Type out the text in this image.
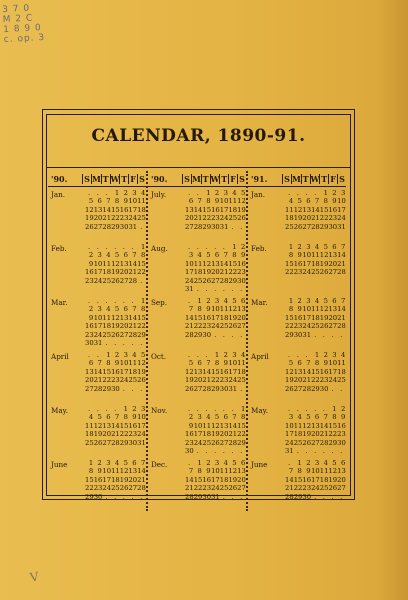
3 7 0
M 2 C
1 8 9 0
c. op. 3
V
CALENDAR, 1890-91.
'90.	S M T W T F S
Jan.	. . .	1 2 3 4
5 6 7 8 9 10 11
12 13 14 15 16 17 18
19 20 21 22 23 24 25
26 27 28 29 30 31 .
Feb.	. . . . . .	1
2 3 4 5 6 7 8
9 10 11 12 13 14 15
16 17 18 19 20 21 22
23 24 25 26 27 28 .
Mar.	. . . . . .	1
2 3 4 5 6 7 8
9 10 11 12 13 14 15
16 17 18 19 20 21 22
23 24 25 26 27 28 29
30 31 . . . . .
April	. .	1 2 3 4 5
6 7 8 9 10 11 12
13 14 15 16 17 18 19
20 21 22 23 24 25 26
27 28 29 30 . . .
May.	. . . .	1 2 3
4 5 6 7 8 9 10
11 12 13 14 15 16 17
18 19 20 21 22 23 24
25 26 27 28 29 30 31
June	1 2 3 4 5 6 7
8 9 10 11 12 13 14
15 16 17 18 19 20 21
22 23 24 25 26 27 28
29 30 . . . . .
'90.	S M T W T F S
July.	. .	1 2 3 4 5
6 7 8 9 10 11 12
13 14 15 16 17 18 19
20 21 22 23 24 25 26
27 28 29 30 31 . .
Aug.	. . . . .	1 2
3 4 5 6 7 8 9
10 11 12 13 14 15 16
17 18 19 20 21 22 23
24 25 26 27 28 29 30
31 . . . . . .
Sep.	.	1 2 3 4 5 6
7 8 9 10 11 12 13
14 15 16 17 18 19 20
21 22 23 24 25 26 27
28 29 30 . . . .
Oct.	. . .	1 2 3 4
5 6 7 8 9 10 11
12 13 14 15 16 17 18
19 20 21 22 23 24 25
26 27 28 29 30 31 .
Nov.	. . . . . .	1
2 3 4 5 6 7 8
9 10 11 12 13 14 15
16 17 18 19 20 21 22
23 24 25 26 27 28 29
30 . . . . . .
Dec.	.	1 2 3 4 5 6
7 8 9 10 11 12 13
14 15 16 17 18 19 20
21 22 23 24 25 26 27
28 29 30 31 . . .
'91.	S M T W T F S
Jan.	. . . .	1 2 3
4 5 6 7 8 9 10
11 12 13 14 15 16 17
18 19 20 21 22 23 24
25 26 27 28 29 30 31
Feb.	1 2 3 4 5 6 7
8 9 10 11 12 13 14
15 16 17 18 19 20 21
22 23 24 25 26 27 28
Mar.	1 2 3 4 5 6 7
8 9 10 11 12 13 14
15 16 17 18 19 20 21
22 23 24 25 26 27 28
29 30 31 . . . .
April	. . .	1 2 3 4
5 6 7 8 9 10 11
12 13 14 15 16 17 18
19 20 21 22 23 24 25
26 27 28 29 30 . .
May.	. . . . .	1 2
3 4 5 6 7 8 9
10 11 12 13 14 15 16
17 18 19 20 21 22 23
24 25 26 27 28 29 30
31 . . . . . .
June	.	1 2 3 4 5 6
7 8 9 10 11 12 13
14 15 16 17 18 19 20
21 22 23 24 25 26 27
28 29 30 . . . .
